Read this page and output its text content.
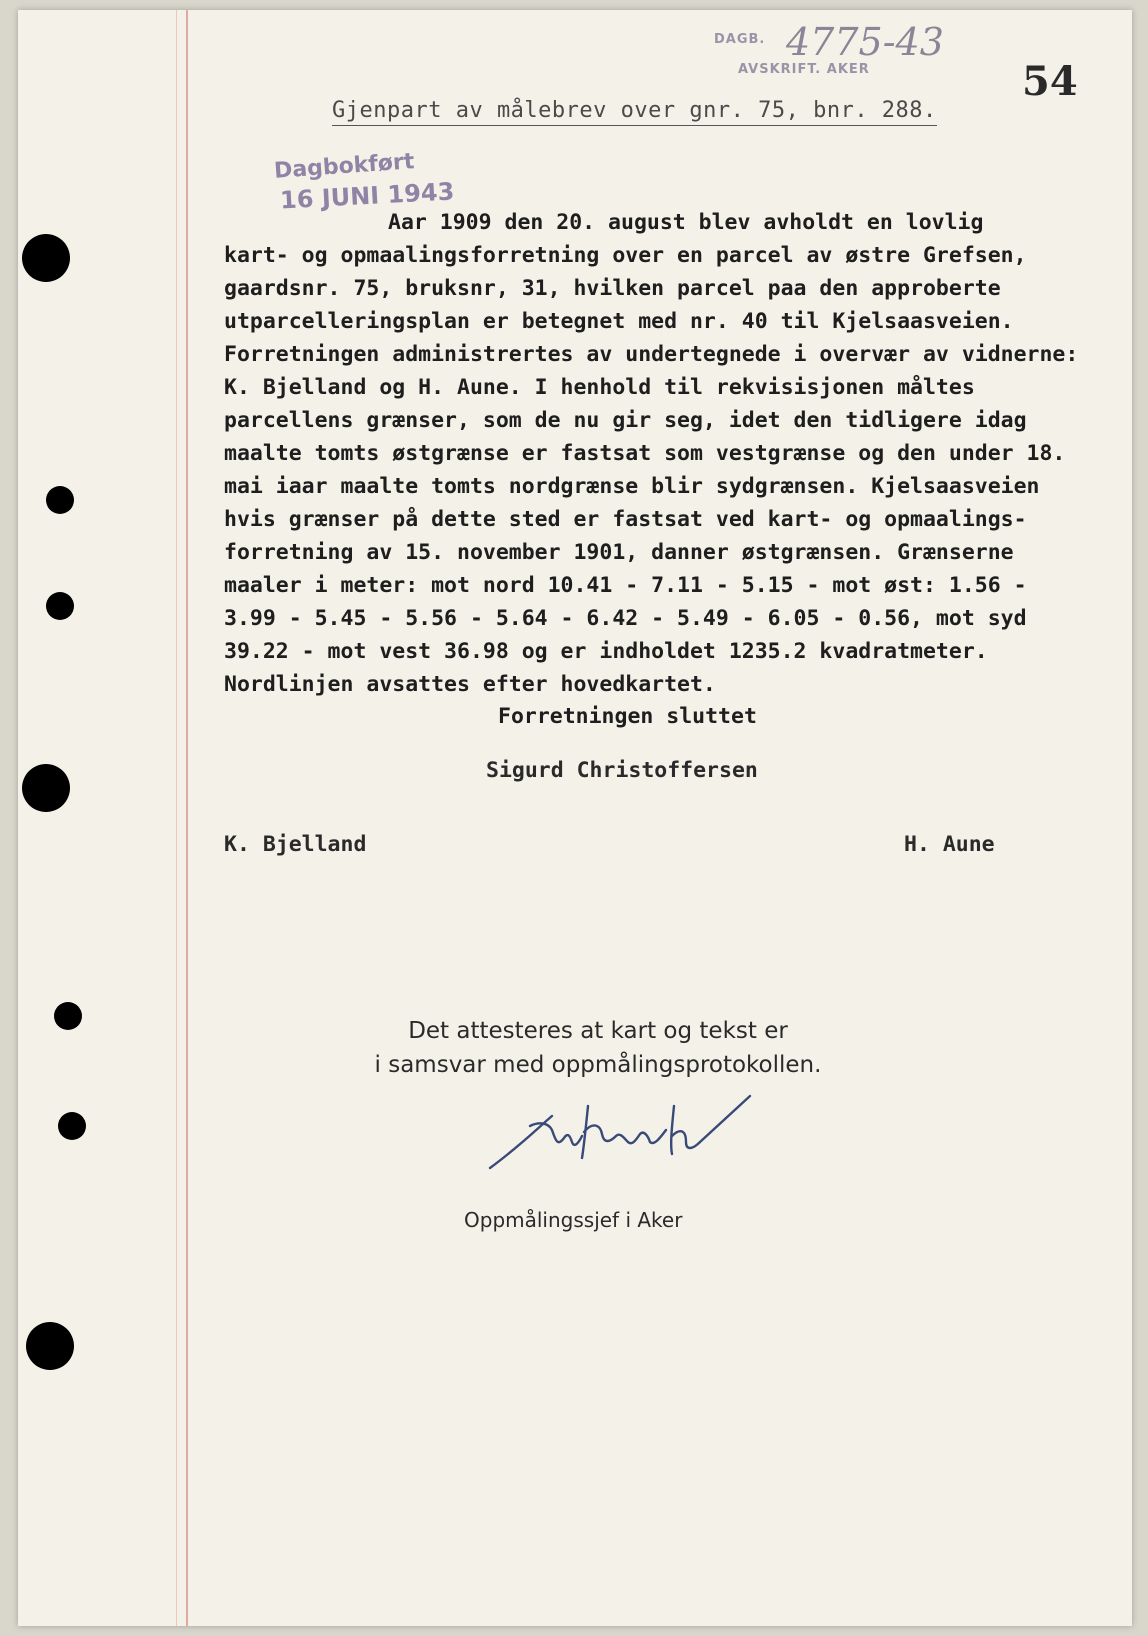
DAGB.
AVSKRIFT. AKER
4775-43
54
Gjenpart av målebrev over gnr. 75, bnr. 288.
Dagbokført
16 JUNI 1943
Aar 1909 den 20. august blev avholdt en lovlig
kart- og opmaalingsforretning over en parcel av østre Grefsen,
gaardsnr. 75, bruksnr, 31, hvilken parcel paa den approberte
utparcelleringsplan er betegnet med nr. 40 til Kjelsaasveien.
Forretningen administrertes av undertegnede i overvær av vidnerne:
K. Bjelland og H. Aune. I henhold til rekvisisjonen måltes
parcellens grænser, som de nu gir seg, idet den tidligere idag
maalte tomts østgrænse er fastsat som vestgrænse og den under 18.
mai iaar maalte tomts nordgrænse blir sydgrænsen. Kjelsaasveien
hvis grænser på dette sted er fastsat ved kart- og opmaalings-
forretning av 15. november 1901, danner østgrænsen. Grænserne
maaler i meter: mot nord 10.41 - 7.11 - 5.15 - mot øst: 1.56 -
3.99 - 5.45 - 5.56 - 5.64 - 6.42 - 5.49 - 6.05 - 0.56, mot syd
39.22 - mot vest 36.98 og er indholdet 1235.2 kvadratmeter.
Nordlinjen avsattes efter hovedkartet.
Forretningen sluttet
Sigurd Christoffersen
K. Bjelland	H. Aune
Det attesteres at kart og tekst er
i samsvar med oppmålingsprotokollen.
Oppmålingssjef i Aker
